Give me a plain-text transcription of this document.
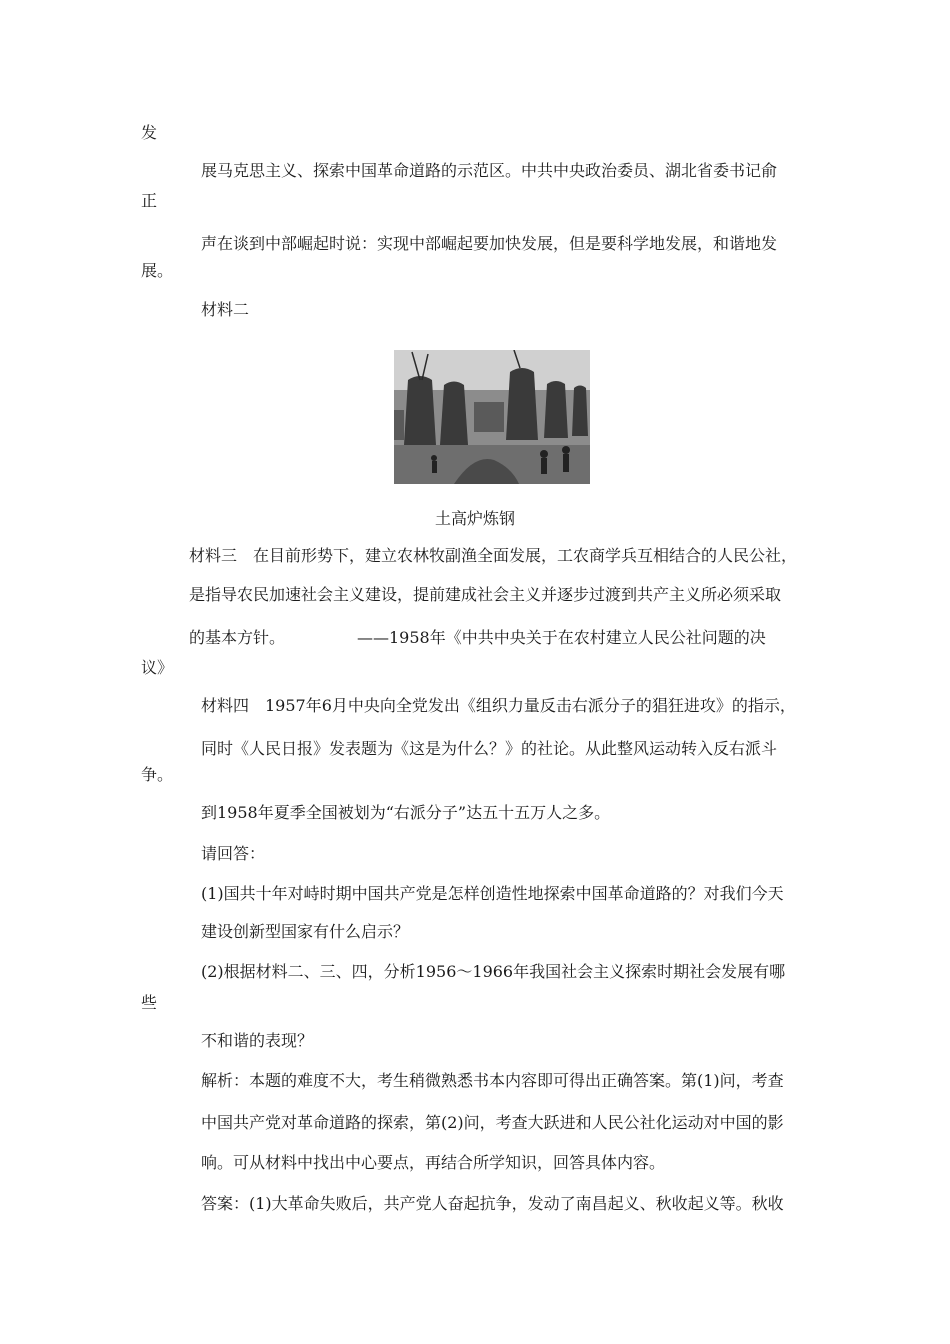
发

展马克思主义、探索中国革命道路的示范区。中共中央政治委员、湖北省委书记俞

正

声在谈到中部崛起时说：实现中部崛起要加快发展，但是要科学地发展，和谐地发

展。

材料二

土高炉炼钢

材料三　在目前形势下，建立农林牧副渔全面发展，工农商学兵互相结合的人民公社，

是指导农民加速社会主义建设，提前建成社会主义并逐步过渡到共产主义所必须采取

的基本方针。　　　　　——1958年《中共中央关于在农村建立人民公社问题的决

议》

材料四　1957年6月中央向全党发出《组织力量反击右派分子的猖狂进攻》的指示，

同时《人民日报》发表题为《这是为什么？》的社论。从此整风运动转入反右派斗

争。

到1958年夏季全国被划为“右派分子”达五十五万人之多。

请回答：

(1)国共十年对峙时期中国共产党是怎样创造性地探索中国革命道路的？对我们今天

建设创新型国家有什么启示？

(2)根据材料二、三、四，分析1956～1966年我国社会主义探索时期社会发展有哪

些

不和谐的表现？

解析：本题的难度不大，考生稍微熟悉书本内容即可得出正确答案。第(1)问，考查

中国共产党对革命道路的探索，第(2)问，考查大跃进和人民公社化运动对中国的影

响。可从材料中找出中心要点，再结合所学知识，回答具体内容。

答案：(1)大革命失败后，共产党人奋起抗争，发动了南昌起义、秋收起义等。秋收
